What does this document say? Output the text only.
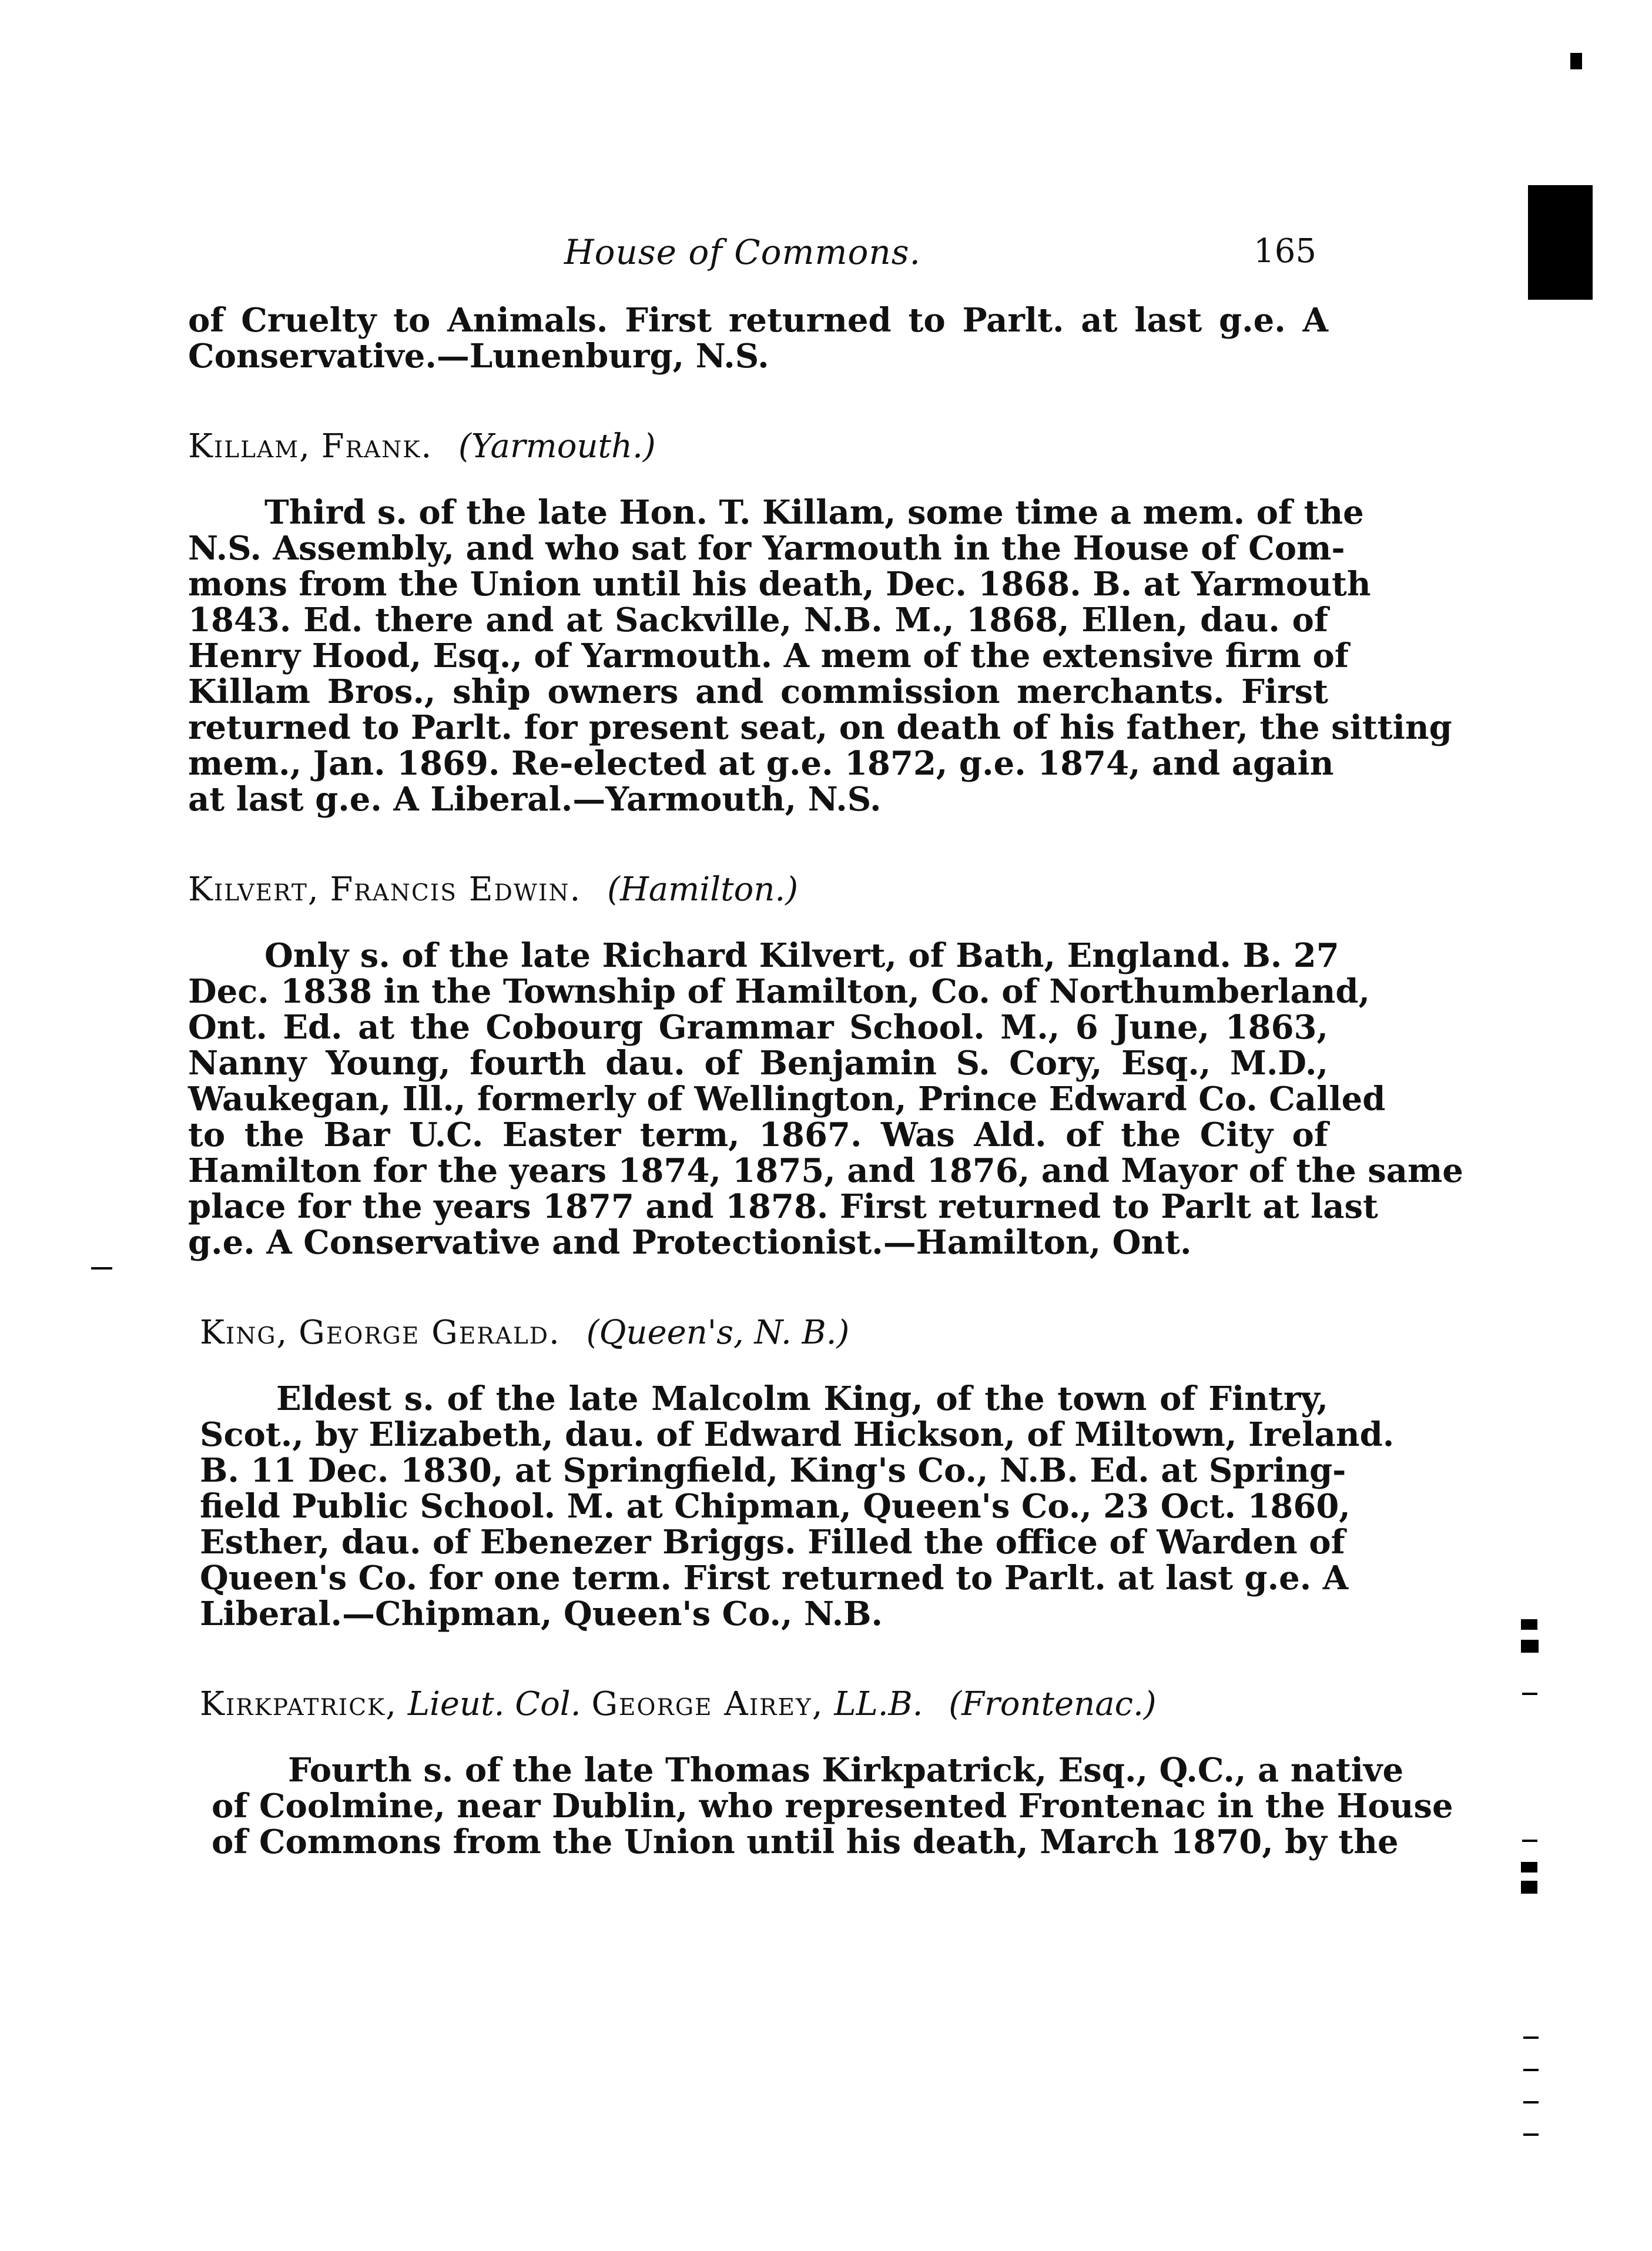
House of Commons.	165

of Cruelty to Animals. First returned to Parlt. at last g.e. A
Conservative.—Lunenburg, N.S.

Killam, Frank. (Yarmouth.)

Third s. of the late Hon. T. Killam, some time a mem. of the
N.S. Assembly, and who sat for Yarmouth in the House of Com-
mons from the Union until his death, Dec. 1868. B. at Yarmouth
1843. Ed. there and at Sackville, N.B. M., 1868, Ellen, dau. of
Henry Hood, Esq., of Yarmouth. A mem of the extensive firm of
Killam Bros., ship owners and commission merchants. First
returned to Parlt. for present seat, on death of his father, the sitting
mem., Jan. 1869. Re-elected at g.e. 1872, g.e. 1874, and again
at last g.e. A Liberal.—Yarmouth, N.S.

Kilvert, Francis Edwin. (Hamilton.)

Only s. of the late Richard Kilvert, of Bath, England. B. 27
Dec. 1838 in the Township of Hamilton, Co. of Northumberland,
Ont. Ed. at the Cobourg Grammar School. M., 6 June, 1863,
Nanny Young, fourth dau. of Benjamin S. Cory, Esq., M.D.,
Waukegan, Ill., formerly of Wellington, Prince Edward Co. Called
to the Bar U.C. Easter term, 1867. Was Ald. of the City of
Hamilton for the years 1874, 1875, and 1876, and Mayor of the same
place for the years 1877 and 1878. First returned to Parlt at last
g.e. A Conservative and Protectionist.—Hamilton, Ont.

King, George Gerald. (Queen's, N. B.)

Eldest s. of the late Malcolm King, of the town of Fintry,
Scot., by Elizabeth, dau. of Edward Hickson, of Miltown, Ireland.
B. 11 Dec. 1830, at Springfield, King's Co., N.B. Ed. at Spring-
field Public School. M. at Chipman, Queen's Co., 23 Oct. 1860,
Esther, dau. of Ebenezer Briggs. Filled the office of Warden of
Queen's Co. for one term. First returned to Parlt. at last g.e. A
Liberal.—Chipman, Queen's Co., N.B.

Kirkpatrick, Lieut. Col. George Airey, LL.B. (Frontenac.)

Fourth s. of the late Thomas Kirkpatrick, Esq., Q.C., a native
of Coolmine, near Dublin, who represented Frontenac in the House
of Commons from the Union until his death, March 1870, by the
